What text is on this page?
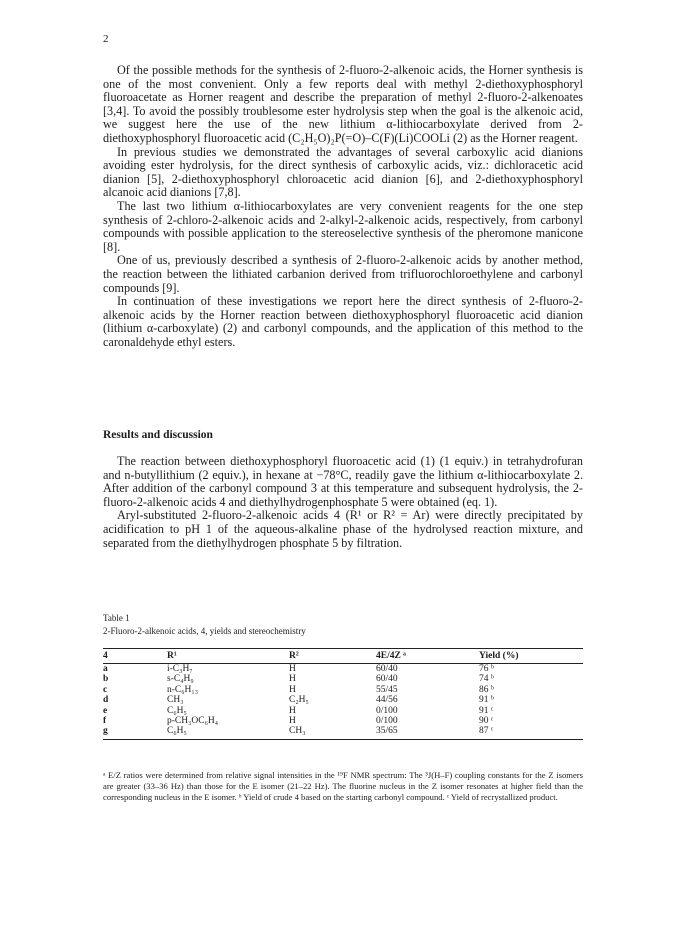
2

Of the possible methods for the synthesis of 2-fluoro-2-alkenoic acids, the Horner synthesis is one of the most convenient. Only a few reports deal with methyl 2-diethoxyphosphoryl fluoroacetate as Horner reagent and describe the preparation of methyl 2-fluoro-2-alkenoates [3,4]. To avoid the possibly troublesome ester hydrolysis step when the goal is the alkenoic acid, we suggest here the use of the new lithium α-lithiocarboxylate derived from 2-diethoxyphosphoryl fluoroacetic acid (C₂H₅O)₂P(=O)–C(F)(Li)COOLi (2) as the Horner reagent.

In previous studies we demonstrated the advantages of several carboxylic acid dianions avoiding ester hydrolysis, for the direct synthesis of carboxylic acids, viz.: dichloracetic acid dianion [5], 2-diethoxyphosphoryl chloroacetic acid dianion [6], and 2-diethoxyphosphoryl alcanoic acid dianions [7,8].

The last two lithium α-lithiocarboxylates are very convenient reagents for the one step synthesis of 2-chloro-2-alkenoic acids and 2-alkyl-2-alkenoic acids, respectively, from carbonyl compounds with possible application to the stereoselective synthesis of the pheromone manicone [8].

One of us, previously described a synthesis of 2-fluoro-2-alkenoic acids by another method, the reaction between the lithiated carbanion derived from trifluorochloroethylene and carbonyl compounds [9].

In continuation of these investigations we report here the direct synthesis of 2-fluoro-2-alkenoic acids by the Horner reaction between diethoxyphosphoryl fluoroacetic acid dianion (lithium α-carboxylate) (2) and carbonyl compounds, and the application of this method to the caronaldehyde ethyl esters.

Results and discussion

The reaction between diethoxyphosphoryl fluoroacetic acid (1) (1 equiv.) in tetrahydrofuran and n-butyllithium (2 equiv.), in hexane at −78°C, readily gave the lithium α-lithiocarboxylate 2. After addition of the carbonyl compound 3 at this temperature and subsequent hydrolysis, the 2-fluoro-2-alkenoic acids 4 and diethylhydrogenphosphate 5 were obtained (eq. 1).

Aryl-substituted 2-fluoro-2-alkenoic acids 4 (R¹ or R² = Ar) were directly precipitated by acidification to pH 1 of the aqueous-alkaline phase of the hydrolysed reaction mixture, and separated from the diethylhydrogen phosphate 5 by filtration.

Table 1
2-Fluoro-2-alkenoic acids, 4, yields and stereochemistry
4	R¹	R²	4E/4Z ᵃ	Yield (%)
a	i-C₃H₇	H	60/40	76 ᵇ
b	s-C₄H₉	H	60/40	74 ᵇ
c	n-C₆H₁₃	H	55/45	86 ᵇ
d	CH₃	C₂H₅	44/56	91 ᵇ
e	C₆H₅	H	0/100	91 ᶜ
f	p-CH₃OC₆H₄	H	0/100	90 ᶜ
g	C₆H₅	CH₃	35/65	87 ᶜ
ᵃ E/Z ratios were determined from relative signal intensities in the ¹⁹F NMR spectrum: The ³J(H–F) coupling constants for the Z isomers are greater (33–36 Hz) than those for the E isomer (21–22 Hz). The fluorine nucleus in the Z isomer resonates at higher field than the corresponding nucleus in the E isomer. ᵇ Yield of crude 4 based on the starting carbonyl compound. ᶜ Yield of recrystallized product.
